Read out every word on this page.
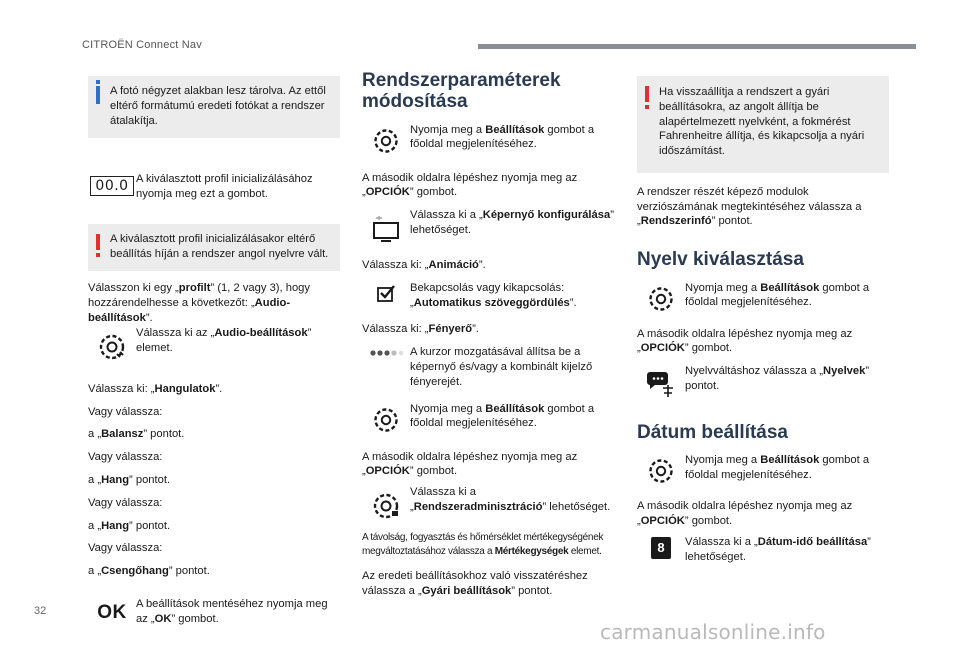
CITROËN Connect Nav
A fotó négyzet alakban lesz tárolva. Az ettől eltérő formátumú eredeti fotókat a rendszer átalakítja.
00.0 A kiválasztott profil inicializálásához nyomja meg ezt a gombot.
A kiválasztott profil inicializálásakor eltérő beállítás híján a rendszer angol nyelvre vált.
Válasszon ki egy „profilt” (1, 2 vagy 3), hogy hozzárendelhesse a következőt: „Audio-beállítások”.
Válassza ki az „Audio-beállítások” elemet.
Válassza ki: „Hangulatok”.
Vagy válassza:
a „Balansz” pontot.
Vagy válassza:
a „Hang” pontot.
Vagy válassza:
a „Hang” pontot.
Vagy válassza:
a „Csengőhang” pontot.
OK A beállítások mentéséhez nyomja meg az „OK” gombot.
Rendszerparaméterek módosítása
Nyomja meg a Beállítások gombot a főoldal megjelenítéséhez.
A második oldalra lépéshez nyomja meg az „OPCIÓK” gombot.
Válassza ki a „Képernyő konfigurálása” lehetőséget.
Válassza ki: „Animáció”.
Bekapcsolás vagy kikapcsolás: „Automatikus szöveggördülés”.
Válassza ki: „Fényerő”.
A kurzor mozgatásával állítsa be a képernyő és/vagy a kombinált kijelző fényerejét.
Nyomja meg a Beállítások gombot a főoldal megjelenítéséhez.
A második oldalra lépéshez nyomja meg az „OPCIÓK” gombot.
Válassza ki a „Rendszeradminisztráció” lehetőséget.
A távolság, fogyasztás és hőmérséklet mértékegységének megváltoztatásához válassza a Mértékegységek elemet.
Az eredeti beállításokhoz való visszatéréshez válassza a „Gyári beállítások” pontot.
Ha visszaállítja a rendszert a gyári beállításokra, az angolt állítja be alapértelmezett nyelvként, a fokmérést Fahrenheitre állítja, és kikapcsolja a nyári időszámítást.
A rendszer részét képező modulok verziószámának megtekintéséhez válassza a „Rendszerinfó” pontot.
Nyelv kiválasztása
Nyomja meg a Beállítások gombot a főoldal megjelenítéséhez.
A második oldalra lépéshez nyomja meg az „OPCIÓK” gombot.
Nyelvváltáshoz válassza a „Nyelvek” pontot.
Dátum beállítása
Nyomja meg a Beállítások gombot a főoldal megjelenítéséhez.
A második oldalra lépéshez nyomja meg az „OPCIÓK” gombot.
8	Válassza ki a „Dátum-idő beállítása” lehetőséget.
32
carmanualsonline.info
